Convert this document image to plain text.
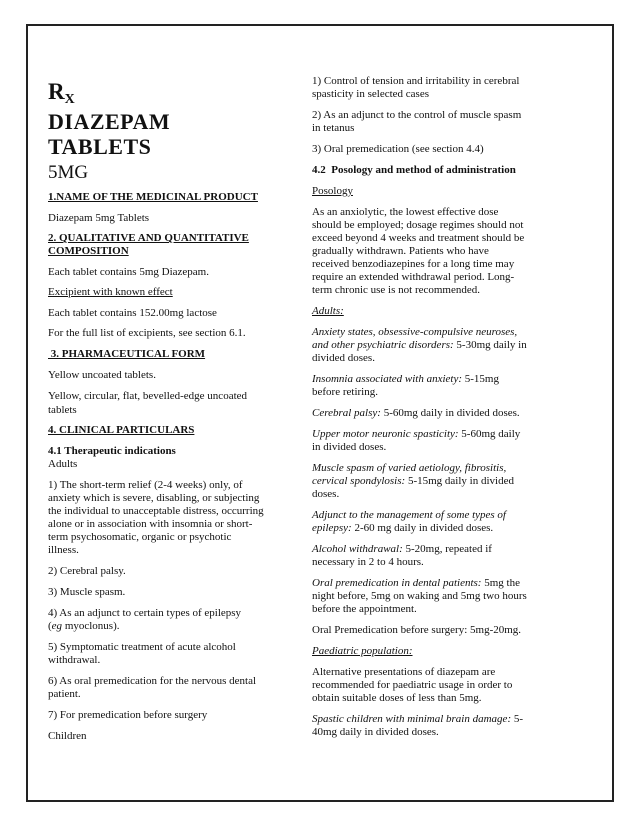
$R_X$
DIAZEPAM
TABLETS
5MG
1.NAME OF THE MEDICINAL PRODUCT
Diazepam 5mg Tablets
2. QUALITATIVE AND QUANTITATIVE
COMPOSITION
Each tablet contains 5mg Diazepam.
Excipient with known effect
Each tablet contains 152.00mg lactose
For the full list of excipients, see section 6.1.
3. PHARMACEUTICAL FORM
Yellow uncoated tablets.
Yellow, circular, flat, bevelled-edge uncoated
tablets
4. CLINICAL PARTICULARS
4.1 Therapeutic indications
Adults
1) The short-term relief (2-4 weeks) only, of
anxiety which is severe, disabling, or subjecting
the individual to unacceptable distress, occurring
alone or in association with insomnia or short-
term psychosomatic, organic or psychotic
illness.
2) Cerebral palsy.
3) Muscle spasm.
4) As an adjunct to certain types of epilepsy
(eg myoclonus).
5) Symptomatic treatment of acute alcohol
withdrawal.
6) As oral premedication for the nervous dental
patient.
7) For premedication before surgery
Children
1) Control of tension and irritability in cerebral
spasticity in selected cases
2) As an adjunct to the control of muscle spasm
in tetanus
3) Oral premedication (see section 4.4)
4.2  Posology and method of administration
Posology
As an anxiolytic, the lowest effective dose
should be employed; dosage regimes should not
exceed beyond 4 weeks and treatment should be
gradually withdrawn. Patients who have
received benzodiazepines for a long time may
require an extended withdrawal period. Long-
term chronic use is not recommended.
Adults:
Anxiety states, obsessive-compulsive neuroses,
and other psychiatric disorders: 5-30mg daily in
divided doses.
Insomnia associated with anxiety: 5-15mg
before retiring.
Cerebral palsy: 5-60mg daily in divided doses.
Upper motor neuronic spasticity: 5-60mg daily
in divided doses.
Muscle spasm of varied aetiology, fibrositis,
cervical spondylosis: 5-15mg daily in divided
doses.
Adjunct to the management of some types of
epilepsy: 2-60 mg daily in divided doses.
Alcohol withdrawal: 5-20mg, repeated if
necessary in 2 to 4 hours.
Oral premedication in dental patients: 5mg the
night before, 5mg on waking and 5mg two hours
before the appointment.
Oral Premedication before surgery: 5mg-20mg.
Paediatric population:
Alternative presentations of diazepam are
recommended for paediatric usage in order to
obtain suitable doses of less than 5mg.
Spastic children with minimal brain damage: 5-
40mg daily in divided doses.
